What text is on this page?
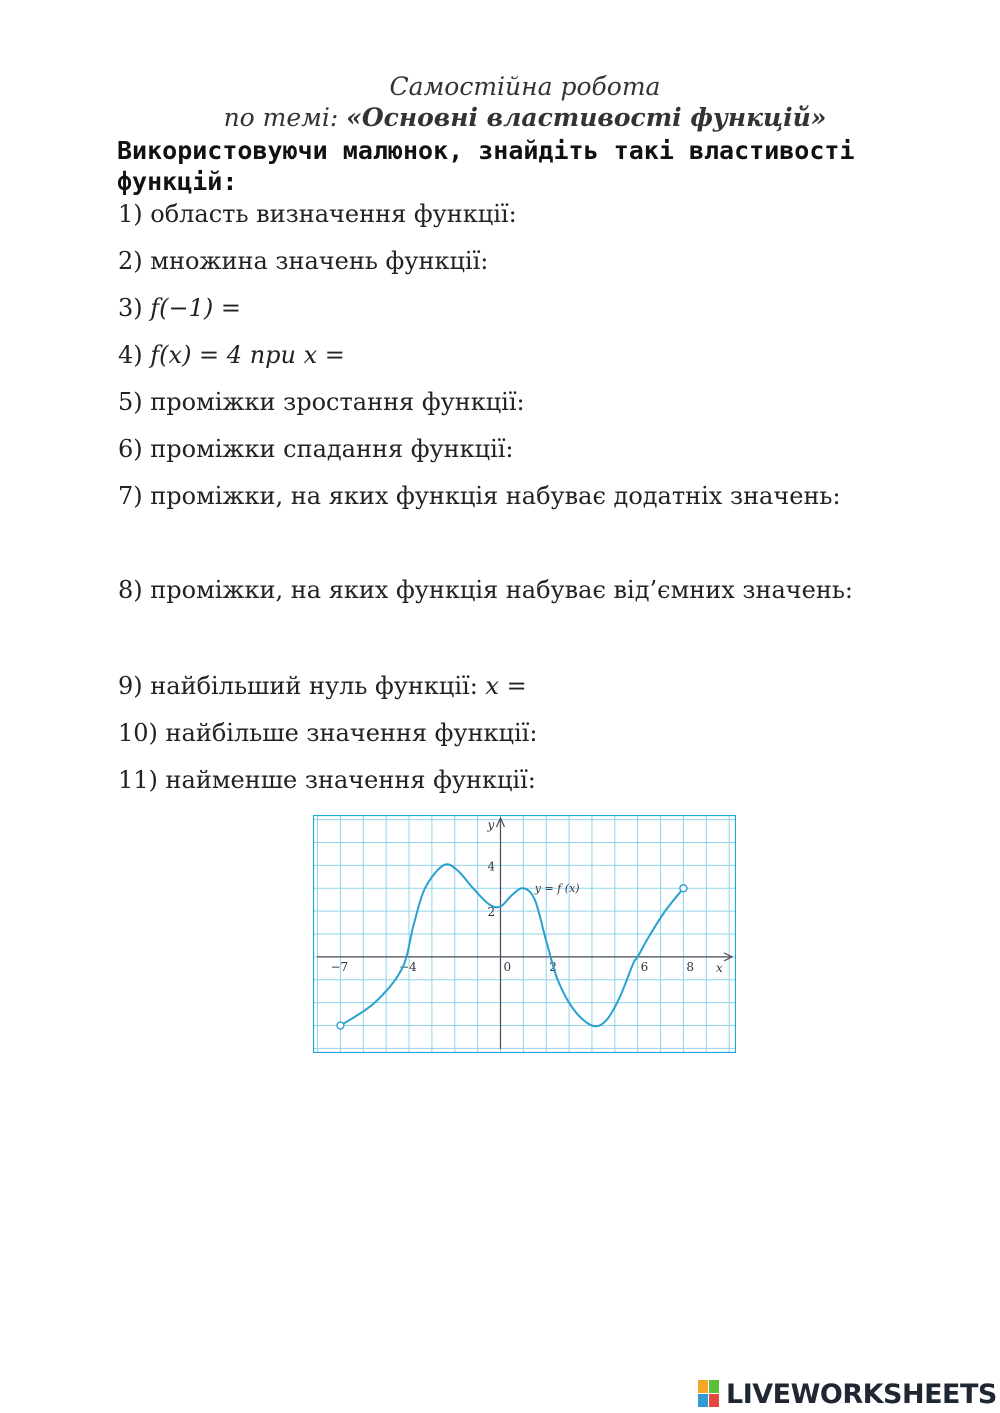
Самостійна робота
по темі: «Основні властивості функцій»
Використовуючи малюнок, знайдіть такі властивості функцій:
1) область визначення функції:
2) множина значень функції:
3) 𝑓(−1) =
4) 𝑓(𝑥) = 4 при 𝑥 =
5) проміжки зростання функції:
6) проміжки спадання функції:
7) проміжки, на яких функція набуває додатніх значень:
8) проміжки, на яких функція набуває від’ємних значень:
9) найбільший нуль функції: 𝑥 =
10) найбільше значення функції:
11) найменше значення функції:
x
y
−7	−4	0	2	6	8
2
4
y = f (x)
LIVEWORKSHEETS
